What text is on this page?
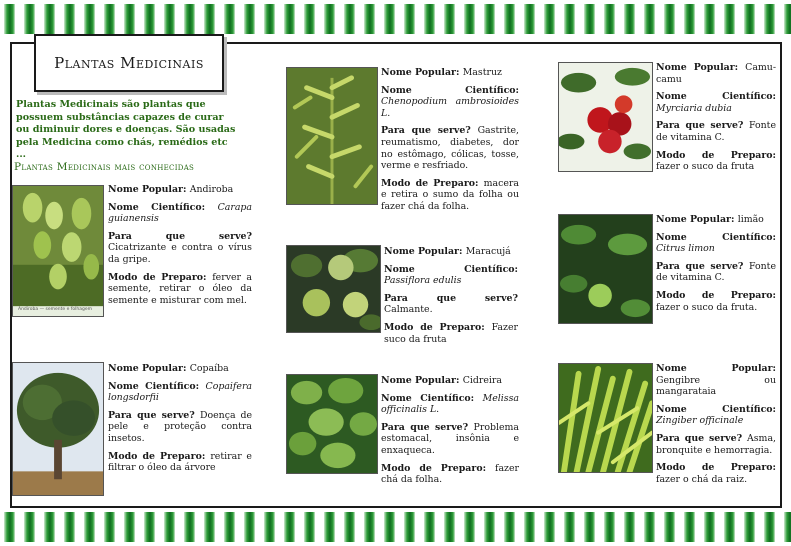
Plantas Medicinais
Plantas Medicinais são plantas que possuem substâncias capazes de curar ou diminuir dores e doenças. São usadas pela Medicina como chás, remédios etc ...
Plantas Medicinais mais conhecidas
Andiroba — semente e folhagem

Nome Popular: Andiroba

Nome Científico: Carapa guianensis

Para que serve? Cicatrizante e contra o vírus da gripe.

Modo de Preparo: ferver a semente, retirar o óleo da semente e misturar com mel.

Nome Popular: Copaíba

Nome Científico: Copaifera longsdorfii

Para que serve? Doença de pele e proteção contra insetos.

Modo de Preparo: retirar e filtrar o óleo da árvore

Nome Popular: Mastruz

Nome Científico: Chenopodium ambrosioides L.

Para que serve? Gastrite, reumatismo, diabetes, dor no estômago, cólicas, tosse, verme e resfriado.

Modo de Preparo: macera e retira o sumo da folha ou fazer chá da folha.

Nome Popular: Maracujá

Nome Científico: Passiflora edulis

Para que serve? Calmante.

Modo de Preparo: Fazer suco da fruta

Nome Popular: Cidreira

Nome Científico: Melissa officinalis L.

Para que serve? Problema estomacal, insônia e enxaqueca.

Modo de Preparo: fazer chá da folha.

Nome Popular: Camu-camu

Nome Científico: Myrciaria dubia

Para que serve? Fonte de vitamina C.

Modo de Preparo: fazer o suco da fruta

Nome Popular: limão

Nome Científico: Citrus limon

Para que serve? Fonte de vitamina C.

Modo de Preparo: fazer o suco da fruta.

Nome Popular: Gengibre ou mangarataia

Nome Científico: Zingiber officinale

Para que serve? Asma, bronquite e hemorragia.

Modo de Preparo: fazer o chá da raiz.
